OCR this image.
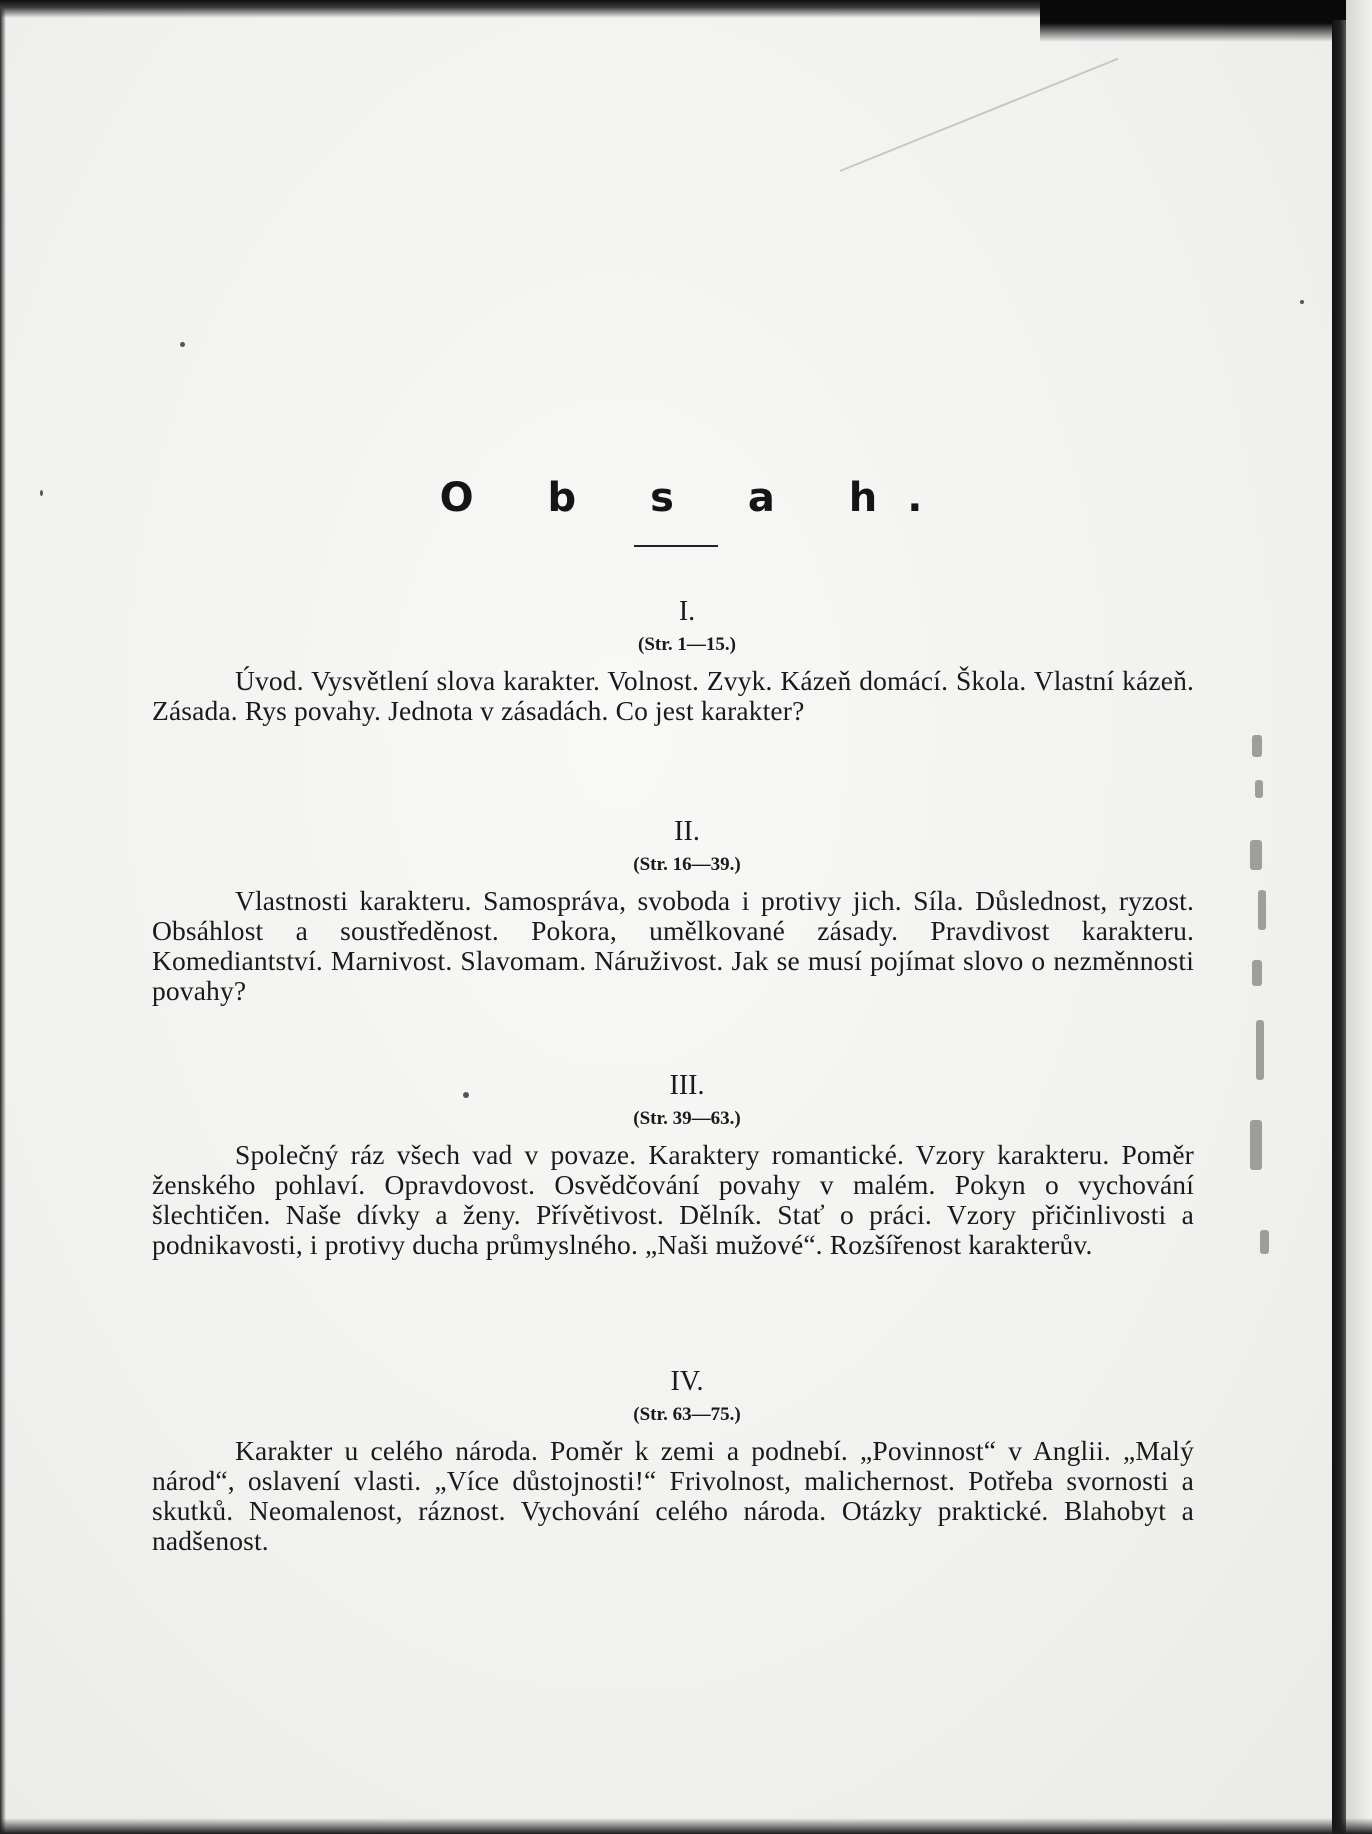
O b s a h.
I.
(Str. 1—15.)
Úvod. Vysvětlení slova karakter. Volnost. Zvyk. Kázeň domácí. Škola. Vlastní kázeň. Zásada. Rys povahy. Jednota v zásadách. Co jest karakter?
II.
(Str. 16—39.)
Vlastnosti karakteru. Samospráva, svoboda i protivy jich. Síla. Důslednost, ryzost. Obsáhlost a soustředěnost. Pokora, umělkované zásady. Pravdivost karakteru. Komediantství. Marnivost. Slavomam. Náruživost. Jak se musí pojímat slovo o nezměnnosti povahy?
III.
(Str. 39—63.)
Společný ráz všech vad v povaze. Karaktery romantické. Vzory karakteru. Poměr ženského pohlaví. Opravdovost. Osvědčování povahy v malém. Pokyn o vychování šlechtičen. Naše dívky a ženy. Přívětivost. Dělník. Stať o práci. Vzory přičinlivosti a podnikavosti, i protivy ducha průmyslného. „Naši mužové“. Rozšířenost karakterův.
IV.
(Str. 63—75.)
Karakter u celého národa. Poměr k zemi a podnebí. „Povinnost“ v Anglii. „Malý národ“, oslavení vlasti. „Více důstojnosti!“ Frivolnost, malichernost. Potřeba svornosti a skutků. Neomalenost, ráznost. Vychování celého národa. Otázky praktické. Blahobyt a nadšenost.
